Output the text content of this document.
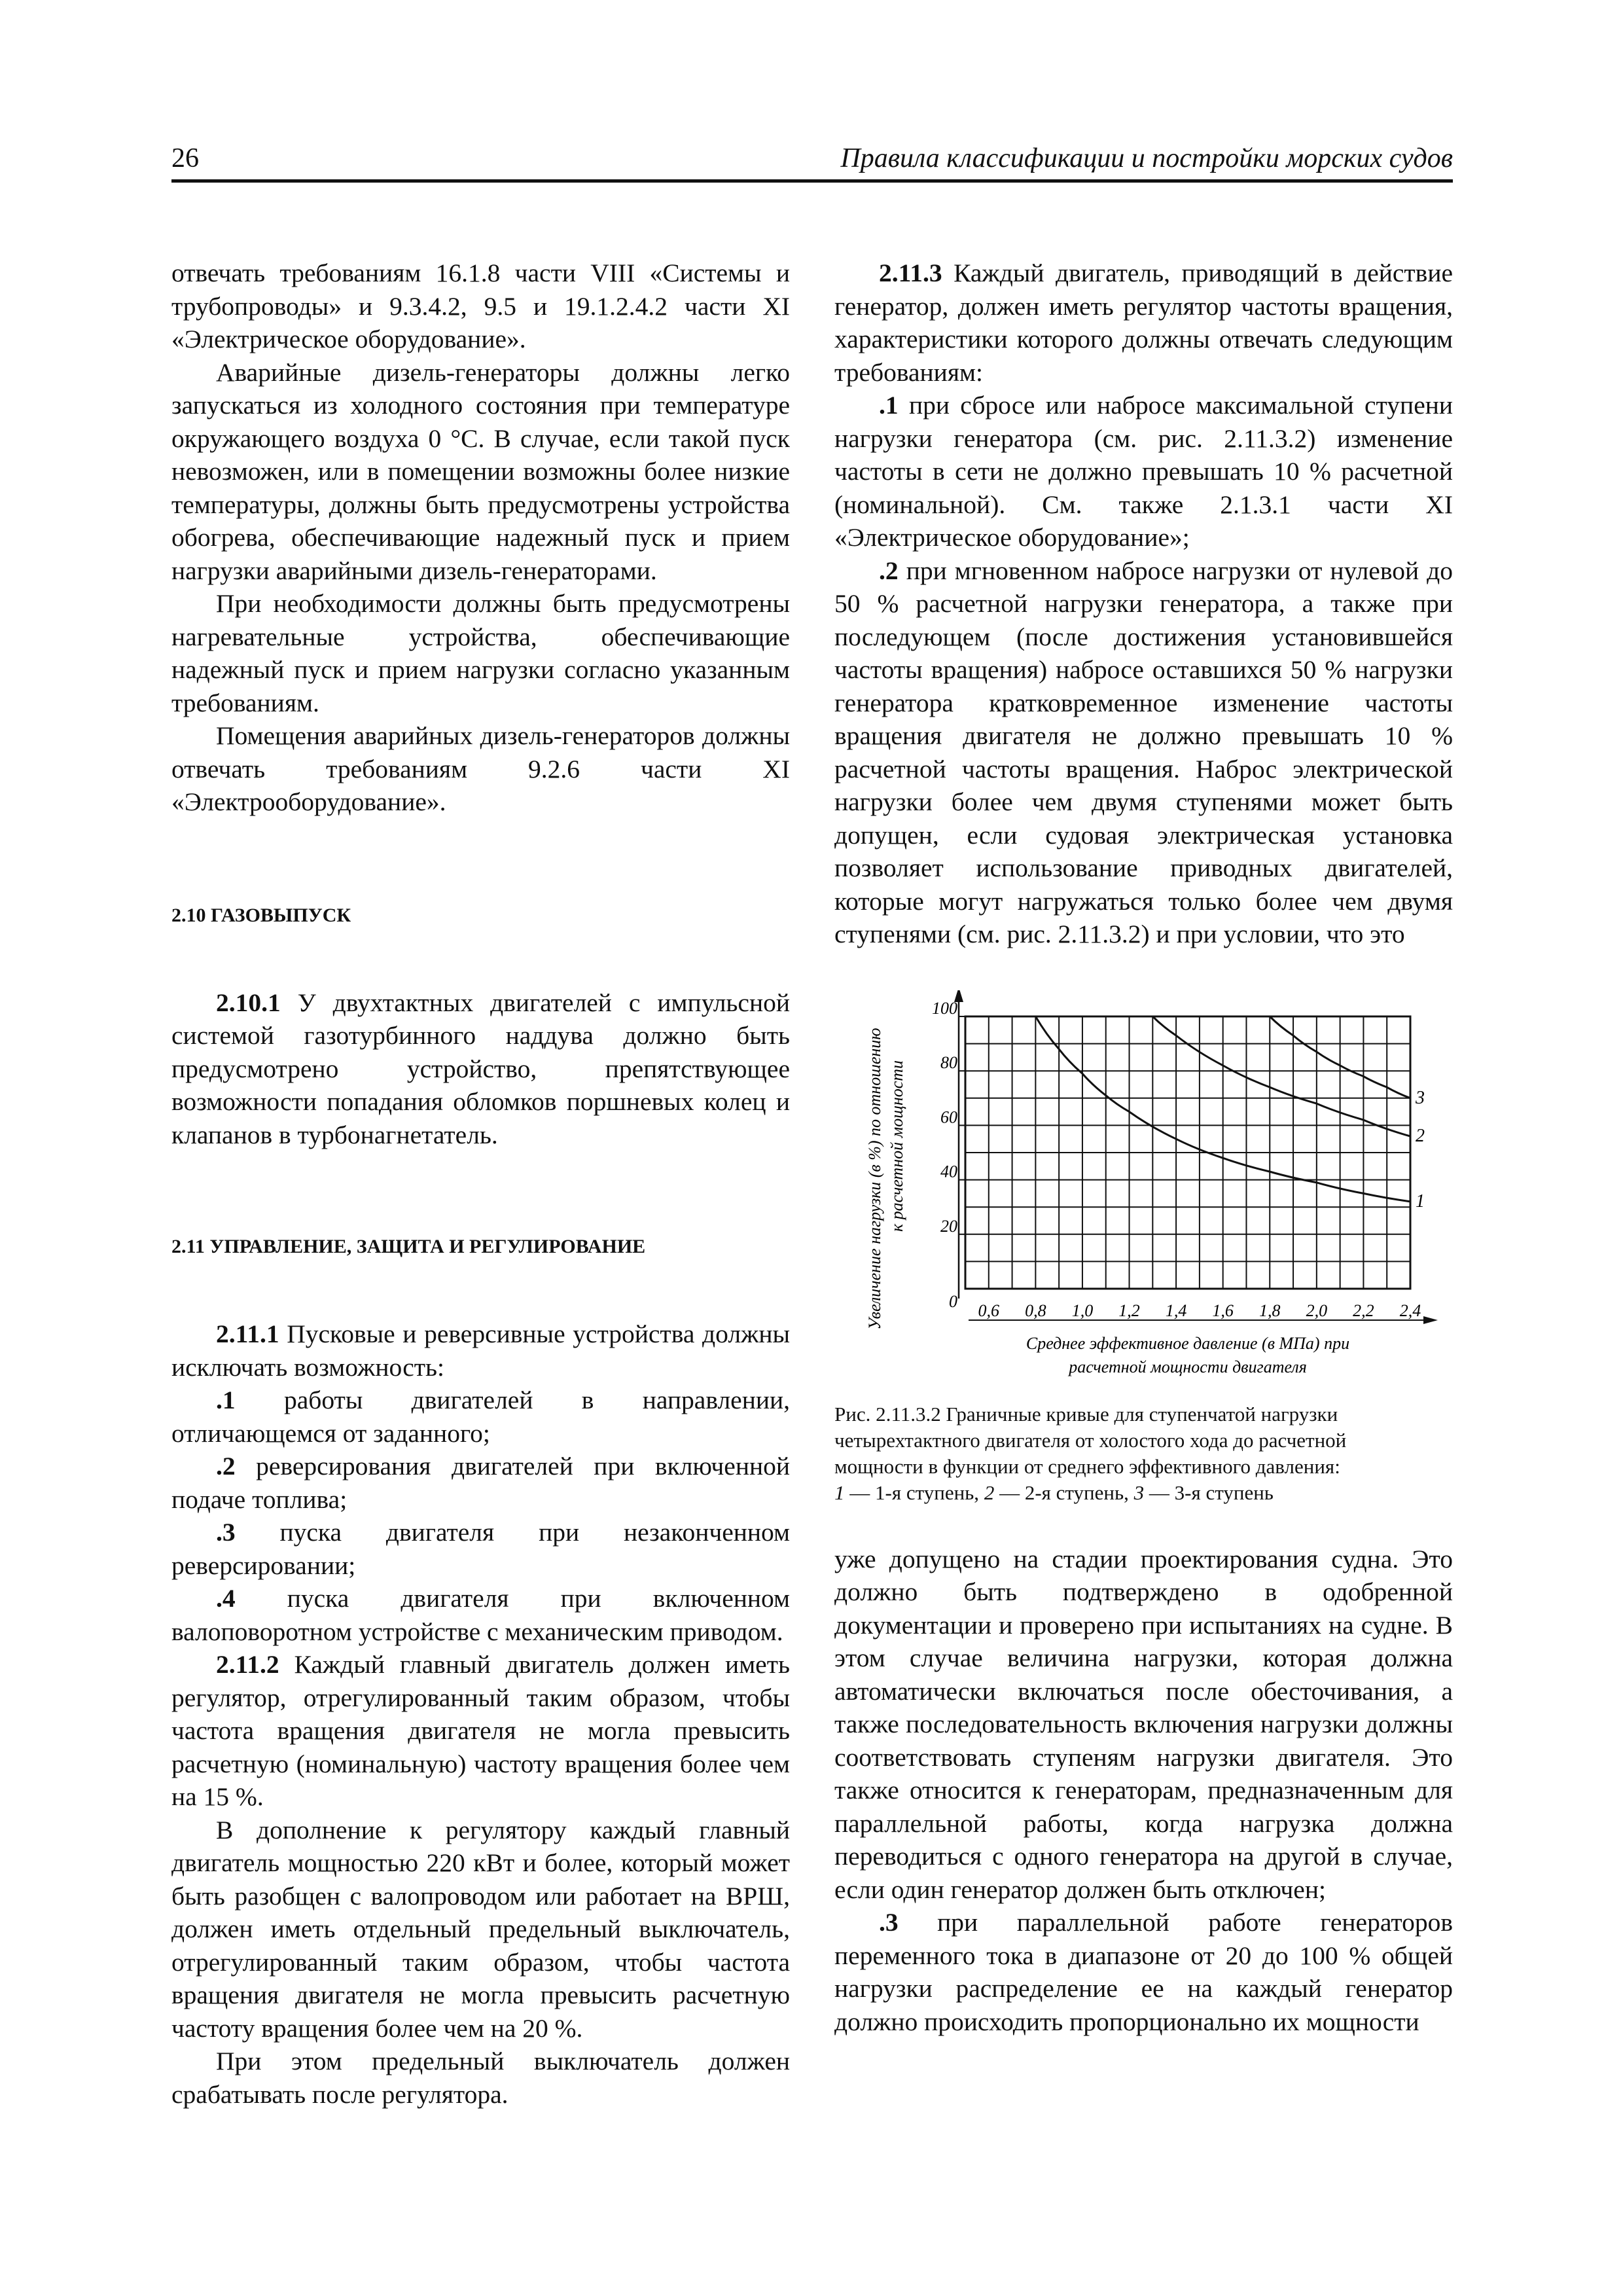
26	Правила классификации и постройки морских судов

отвечать требованиям 16.1.8 части VIII «Системы и трубопроводы» и 9.3.4.2, 9.5 и 19.1.2.4.2 части XI «Электрическое оборудование».

Аварийные дизель-генераторы должны легко запускаться из холодного состояния при температуре окружающего воздуха 0 °С. В случае, если такой пуск невозможен, или в помещении возможны более низкие температуры, должны быть предусмотрены устройства обогрева, обеспечивающие надежный пуск и прием нагрузки аварийными дизель-генераторами.

При необходимости должны быть предусмотрены нагревательные устройства, обеспечивающие надежный пуск и прием нагрузки согласно указанным требованиям.

Помещения аварийных дизель-генераторов должны отвечать требованиям 9.2.6 части XI «Электрооборудование».

2.10 ГАЗОВЫПУСК

2.10.1 У двухтактных двигателей с импульсной системой газотурбинного наддува должно быть предусмотрено устройство, препятствующее возможности попадания обломков поршневых колец и клапанов в турбонагнетатель.

2.11 УПРАВЛЕНИЕ, ЗАЩИТА И РЕГУЛИРОВАНИЕ

2.11.1 Пусковые и реверсивные устройства должны исключать возможность:

.1 работы двигателей в направлении, отличающемся от заданного;

.2 реверсирования двигателей при включенной подаче топлива;

.3 пуска двигателя при незаконченном реверсировании;

.4 пуска двигателя при включенном валоповоротном устройстве с механическим приводом.

2.11.2 Каждый главный двигатель должен иметь регулятор, отрегулированный таким образом, чтобы частота вращения двигателя не могла превысить расчетную (номинальную) частоту вращения более чем на 15 %.

В дополнение к регулятору каждый главный двигатель мощностью 220 кВт и более, который может быть разобщен с валопроводом или работает на ВРШ, должен иметь отдельный предельный выключатель, отрегулированный таким образом, чтобы частота вращения двигателя не могла превысить расчетную частоту вращения более чем на 20 %.

При этом предельный выключатель должен срабатывать после регулятора.

2.11.3 Каждый двигатель, приводящий в действие генератор, должен иметь регулятор частоты вращения, характеристики которого должны отвечать следующим требованиям:

.1 при сбросе или набросе максимальной ступени нагрузки генератора (см. рис. 2.11.3.2) изменение частоты в сети не должно превышать 10 % расчетной (номинальной). См. также 2.1.3.1 части XI «Электрическое оборудование»;

.2 при мгновенном набросе нагрузки от нулевой до 50 % расчетной нагрузки генератора, а также при последующем (после достижения установившейся частоты вращения) набросе оставшихся 50 % нагрузки генератора кратковременное изменение частоты вращения двигателя не должно превышать 10 % расчетной частоты вращения. Наброс электрической нагрузки более чем двумя ступенями может быть допущен, если судовая электрическая установка позволяет использование приводных двигателей, которые могут нагружаться только более чем двумя ступенями (см. рис. 2.11.3.2) и при условии, что это

0
20
40
60
80
100
0,6 0,8 1,0 1,2 1,4 1,6 1,8 2,0 2,2 2,4
1
2
3
Среднее эффективное давление (в МПа) при
расчетной мощности двигателя
Увеличение нагрузки (в %) по отношению к расчетной мощности

Рис. 2.11.3.2 Граничные кривые для ступенчатой нагрузки

четырехтактного двигателя от холостого хода до расчетной

мощности в функции от среднего эффективного давления:

1 — 1-я ступень, 2 — 2-я ступень, 3 — 3-я ступень

уже допущено на стадии проектирования судна. Это должно быть подтверждено в одобренной документации и проверено при испытаниях на судне. В этом случае величина нагрузки, которая должна автоматически включаться после обесточивания, а также последовательность включения нагрузки должны соответствовать ступеням нагрузки двигателя. Это также относится к генераторам, предназначенным для параллельной работы, когда нагрузка должна переводиться с одного генератора на другой в случае, если один генератор должен быть отключен;

.3 при параллельной работе генераторов переменного тока в диапазоне от 20 до 100 % общей нагрузки распределение ее на каждый генератор должно происходить пропорционально их мощности
